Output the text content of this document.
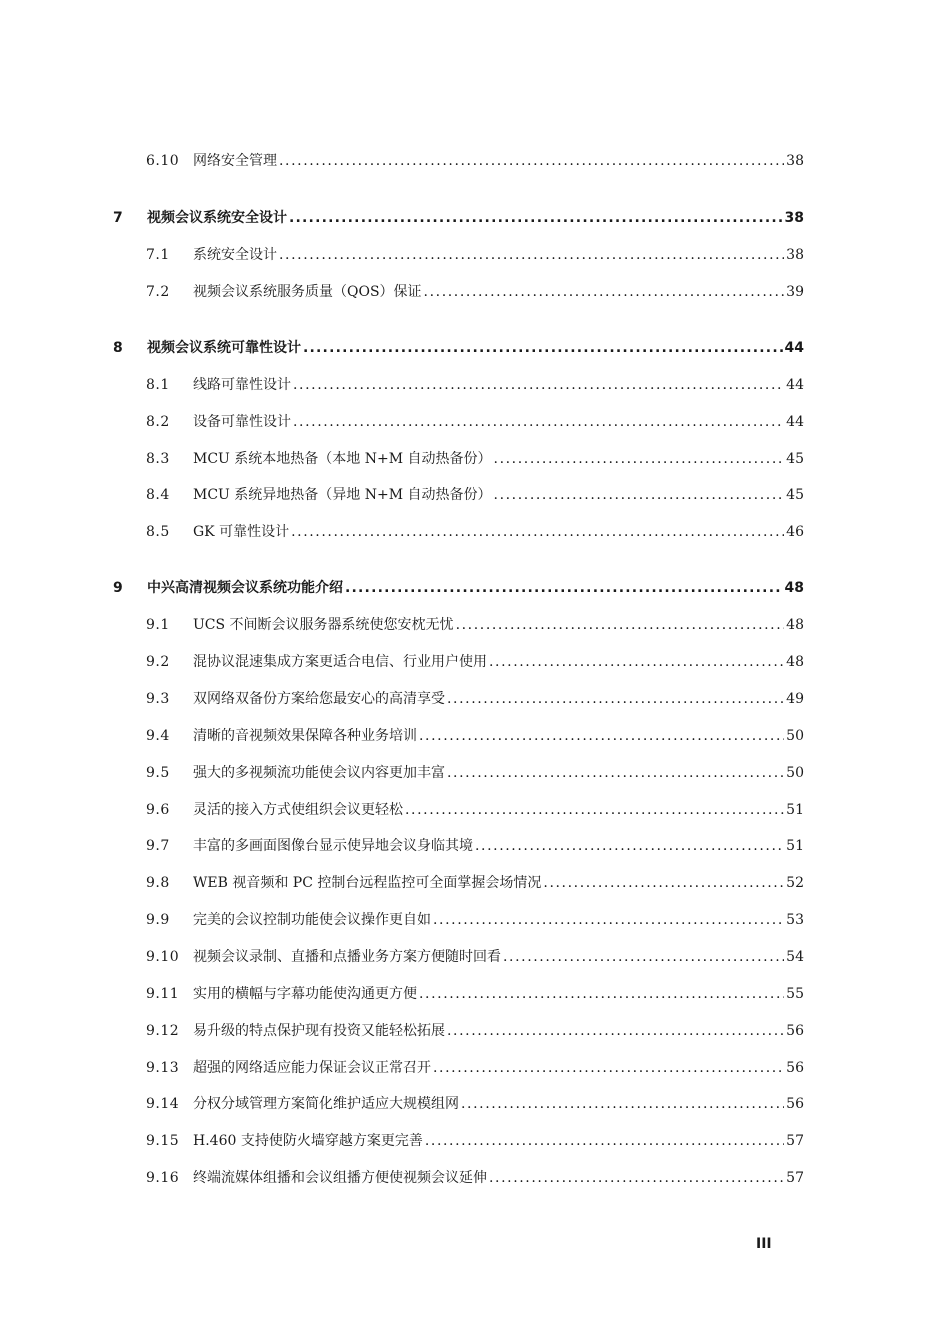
6.10 网络安全管理 .....	38
7	视频会议系统安全设计 .....	38
7.1	系统安全设计 .....	38
7.2	视频会议系统服务质量（QOS）保证 .....	39
8	视频会议系统可靠性设计 .....	44
8.1	线路可靠性设计 .....	44
8.2	设备可靠性设计 .....	44
8.3	MCU 系统本地热备（本地 N+M 自动热备份） .....	45
8.4	MCU 系统异地热备（异地 N+M 自动热备份） .....	45
8.5	GK 可靠性设计 .....	46
9	中兴高清视频会议系统功能介绍 .....	48
9.1	UCS 不间断会议服务器系统使您安枕无忧 .....	48
9.2	混协议混速集成方案更适合电信、行业用户使用 .....	48
9.3	双网络双备份方案给您最安心的高清享受 .....	49
9.4	清晰的音视频效果保障各种业务培训 .....	50
9.5	强大的多视频流功能使会议内容更加丰富 .....	50
9.6	灵活的接入方式使组织会议更轻松 .....	51
9.7	丰富的多画面图像台显示使异地会议身临其境 .....	51
9.8	WEB 视音频和 PC 控制台远程监控可全面掌握会场情况 .....	52
9.9	完美的会议控制功能使会议操作更自如 .....	53
9.10 视频会议录制、直播和点播业务方案方便随时回看 .....	54
9.11 实用的横幅与字幕功能使沟通更方便 .....	55
9.12 易升级的特点保护现有投资又能轻松拓展 .....	56
9.13 超强的网络适应能力保证会议正常召开 .....	56
9.14 分权分域管理方案简化维护适应大规模组网 .....	56
9.15 H.460 支持使防火墙穿越方案更完善 .....	57
9.16 终端流媒体组播和会议组播方便使视频会议延伸 .....	57
III
